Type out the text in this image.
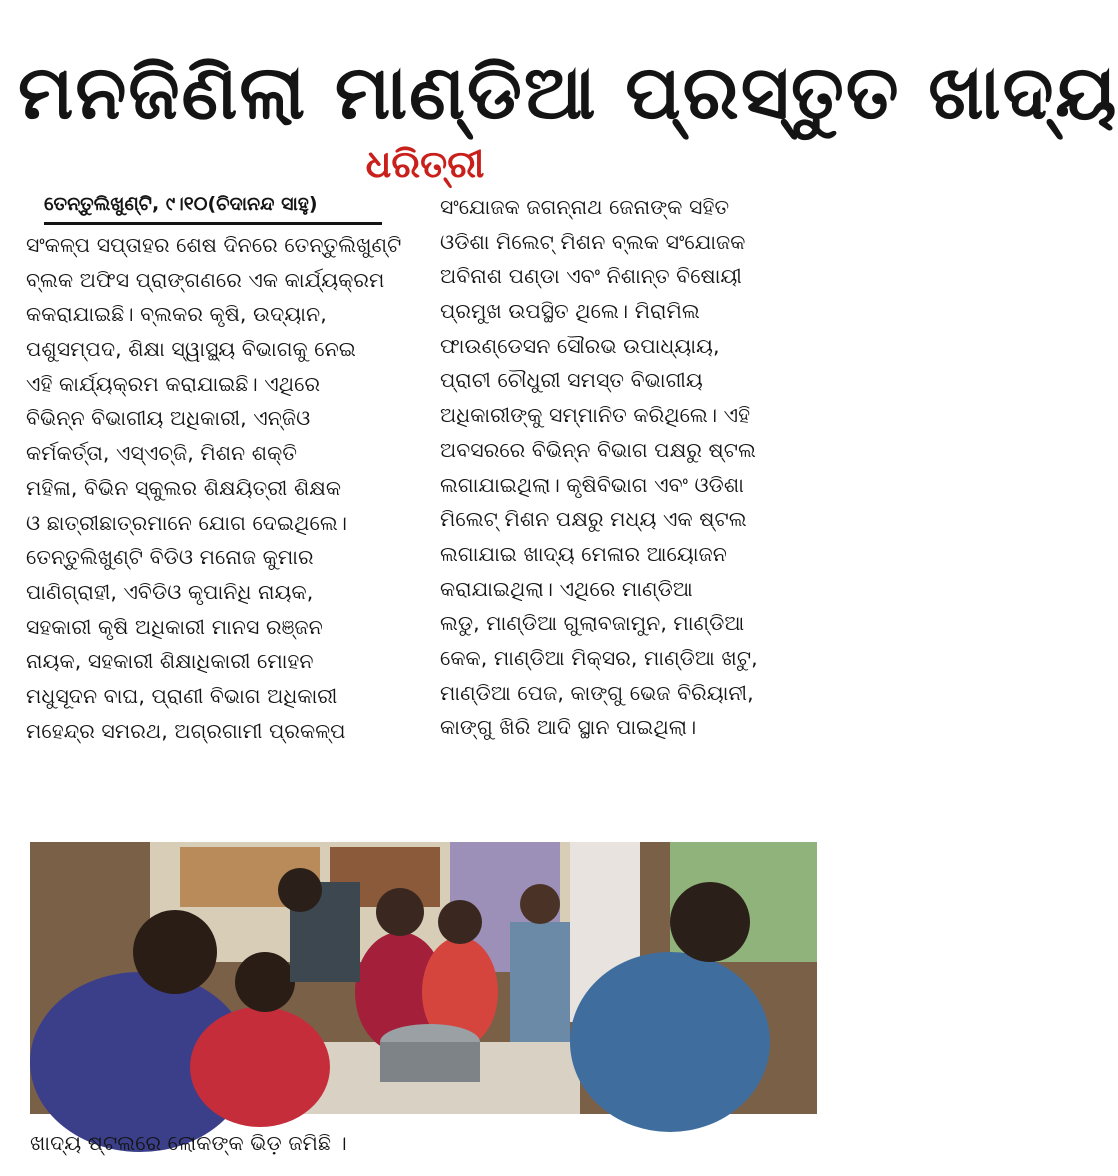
ମନଜିଣିଲା ମାଣ୍ଡିଆ ପ୍ରସ୍ତୁତ ଖାଦ୍ୟ
ଧରିତ୍ରୀ
ତେନ୍ତୁଲିଖୁଣ୍ଟି, ୯।୧୦(ଚିଦାନନ୍ଦ ସାହୁ)
ସଂକଳ୍ପ ସପ୍ତାହର ଶେଷ ଦିନରେ ତେନ୍ତୁଲିଖୁଣ୍ଟି
ବ୍ଲକ ଅଫିସ ପ୍ରାଙ୍ଗଣରେ ଏକ କାର୍ଯ୍ୟକ୍ରମ
କକରାଯାଇଛି। ବ୍ଲକର କୃଷି, ଉଦ୍ୟାନ,
ପଶୁସମ୍ପଦ, ଶିକ୍ଷା ସ୍ୱାସ୍ଥ୍ୟ ବିଭାଗକୁ ନେଇ
ଏହି କାର୍ଯ୍ୟକ୍ରମ କରାଯାଇଛି। ଏଥିରେ
ବିଭିନ୍ନ ବିଭାଗୀୟ ଅଧିକାରୀ, ଏନ୍‌ଜିଓ
କର୍ମକର୍ତ୍ତା, ଏସ୍‌ଏଚ୍‌ଜି, ମିଶନ ଶକ୍ତି
ମହିଳା, ବିଭିନ ସ୍କୁଲର ଶିକ୍ଷୟିତ୍ରୀ ଶିକ୍ଷକ
ଓ ଛାତ୍ରୀଛାତ୍ରମାନେ ଯୋଗ ଦେଇଥିଲେ।
ତେନ୍ତୁଲିଖୁଣ୍ଟି ବିଡିଓ ମନୋଜ କୁମାର
ପାଣିଗ୍ରାହୀ, ଏବିଡିଓ କୃପାନିଧି ନାୟକ,
ସହକାରୀ କୃଷି ଅଧିକାରୀ ମାନସ ରଞ୍ଜନ
ନାୟକ, ସହକାରୀ ଶିକ୍ଷାଧିକାରୀ ମୋହନ
ମଧୁସୂଦନ ବାଘ, ପ୍ରାଣୀ ବିଭାଗ ଅଧିକାରୀ
ମହେନ୍ଦ୍ର ସମରଥ, ଅଗ୍ରଗାମୀ ପ୍ରକଳ୍ପ
ସଂଯୋଜକ ଜଗନ୍ନାଥ ଜେନାଙ୍କ ସହିତ
ଓଡିଶା ମିଲେଟ୍ ମିଶନ ବ୍ଲକ ସଂଯୋଜକ
ଅବିନାଶ ପଣ୍ଡା ଏବଂ ନିଶାନ୍ତ ବିଷୋୟୀ
ପ୍ରମୁଖ ଉପସ୍ଥିତ ଥିଲେ। ମିରାମିଲ
ଫାଉଣ୍ଡେସନ ସୌରଭ ଉପାଧ୍ୟାୟ,
ପ୍ରାଚୀ ଚୌଧୁରୀ ସମସ୍ତ ବିଭାଗୀୟ
ଅଧିକାରୀଙ୍କୁ ସମ୍ମାନିତ କରିଥିଲେ। ଏହି
ଅବସରରେ ବିଭିନ୍ନ ବିଭାଗ ପକ୍ଷରୁ ଷ୍ଟଲ
ଲଗାଯାଇଥିଲା। କୃଷିବିଭାଗ ଏବଂ ଓଡିଶା
ମିଲେଟ୍ ମିଶନ ପକ୍ଷରୁ ମଧ୍ୟ ଏକ ଷ୍ଟଲ
ଲଗାଯାଇ ଖାଦ୍ୟ ମେଳାର ଆୟୋଜନ
କରାଯାଇଥିଲା। ଏଥିରେ ମାଣ୍ଡିଆ
ଲଡୁ, ମାଣ୍ଡିଆ ଗୁଲାବଜାମୁନ, ମାଣ୍ଡିଆ
କେକ, ମାଣ୍ଡିଆ ମିକ୍ସର, ମାଣ୍ଡିଆ ଖଟୁ,
ମାଣ୍ଡିଆ ପେଜ, କାଙ୍ଗୁ ଭେଜ ବିରିୟାନୀ,
କାଙ୍ଗୁ ଖିରି ଆଦି ସ୍ଥାନ ପାଇଥିଲା।
ଖାଦ୍ୟ ଷ୍ଟଲରେ ଲୋକଙ୍କ ଭିଡ଼ ଜମିଛି ।
